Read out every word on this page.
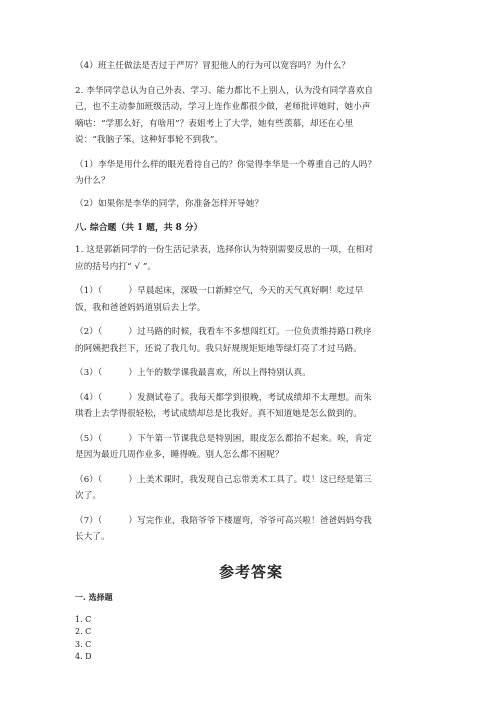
（4）班主任做法是否过于严厉？冒犯他人的行为可以宽容吗？为什么？

2. 李华同学总认为自己外表、学习、能力都比不上别人，认为没有同学喜欢自

己，也不主动参加班级活动，学习上连作业都很少做，老师批评她时，她小声

嘀咕：“学那么好，有啥用”？表姐考上了大学，她有些羡慕，却还在心里

说：“我脑子笨，这种好事轮不到我”。

（1）李华是用什么样的眼光看待自己的？你觉得李华是一个尊重自己的人吗？

为什么？

（2）如果你是李华的同学，你准备怎样开导她？

八. 综合题（共 1 题，共 8 分）

1. 这是郭新同学的一份生活记录表，选择你认为特别需要反思的一项，在相对

应的括号内打“ √ ”。

（1）（　　　）早晨起床，深吸一口新鲜空气，今天的天气真好啊！吃过早

饭，我和爸爸妈妈道别后去上学。

（2）（　　　）过马路的时候，我看车不多想闯红灯。一位负责维持路口秩序

的阿姨把我拦下，还说了我几句。我只好规规矩矩地等绿灯亮了才过马路。

（3）（　　　）上午的数学课我最喜欢，所以上得特别认真。

（4）（　　　）发测试卷了。我每天都学到很晚，考试成绩却不太理想。而朱

琪看上去学得很轻松，考试成绩却总是比我好。真不知道她是怎么做到的。

（5）（　　　）下午第一节课我总是特别困，眼皮怎么都抬不起来。唉，肯定

是因为最近几周作业多，睡得晚。别人怎么都不困呢？

（6）（　　　）上美术课时，我发现自己忘带美术工具了。哎！这已经是第三

次了。

（7）（　　　）写完作业，我陪爷爷下楼遛弯，爷爷可高兴啦！爸爸妈妈夸我

长大了。

参考答案

一. 选择题

1. C

2. C

3. C

4. D
